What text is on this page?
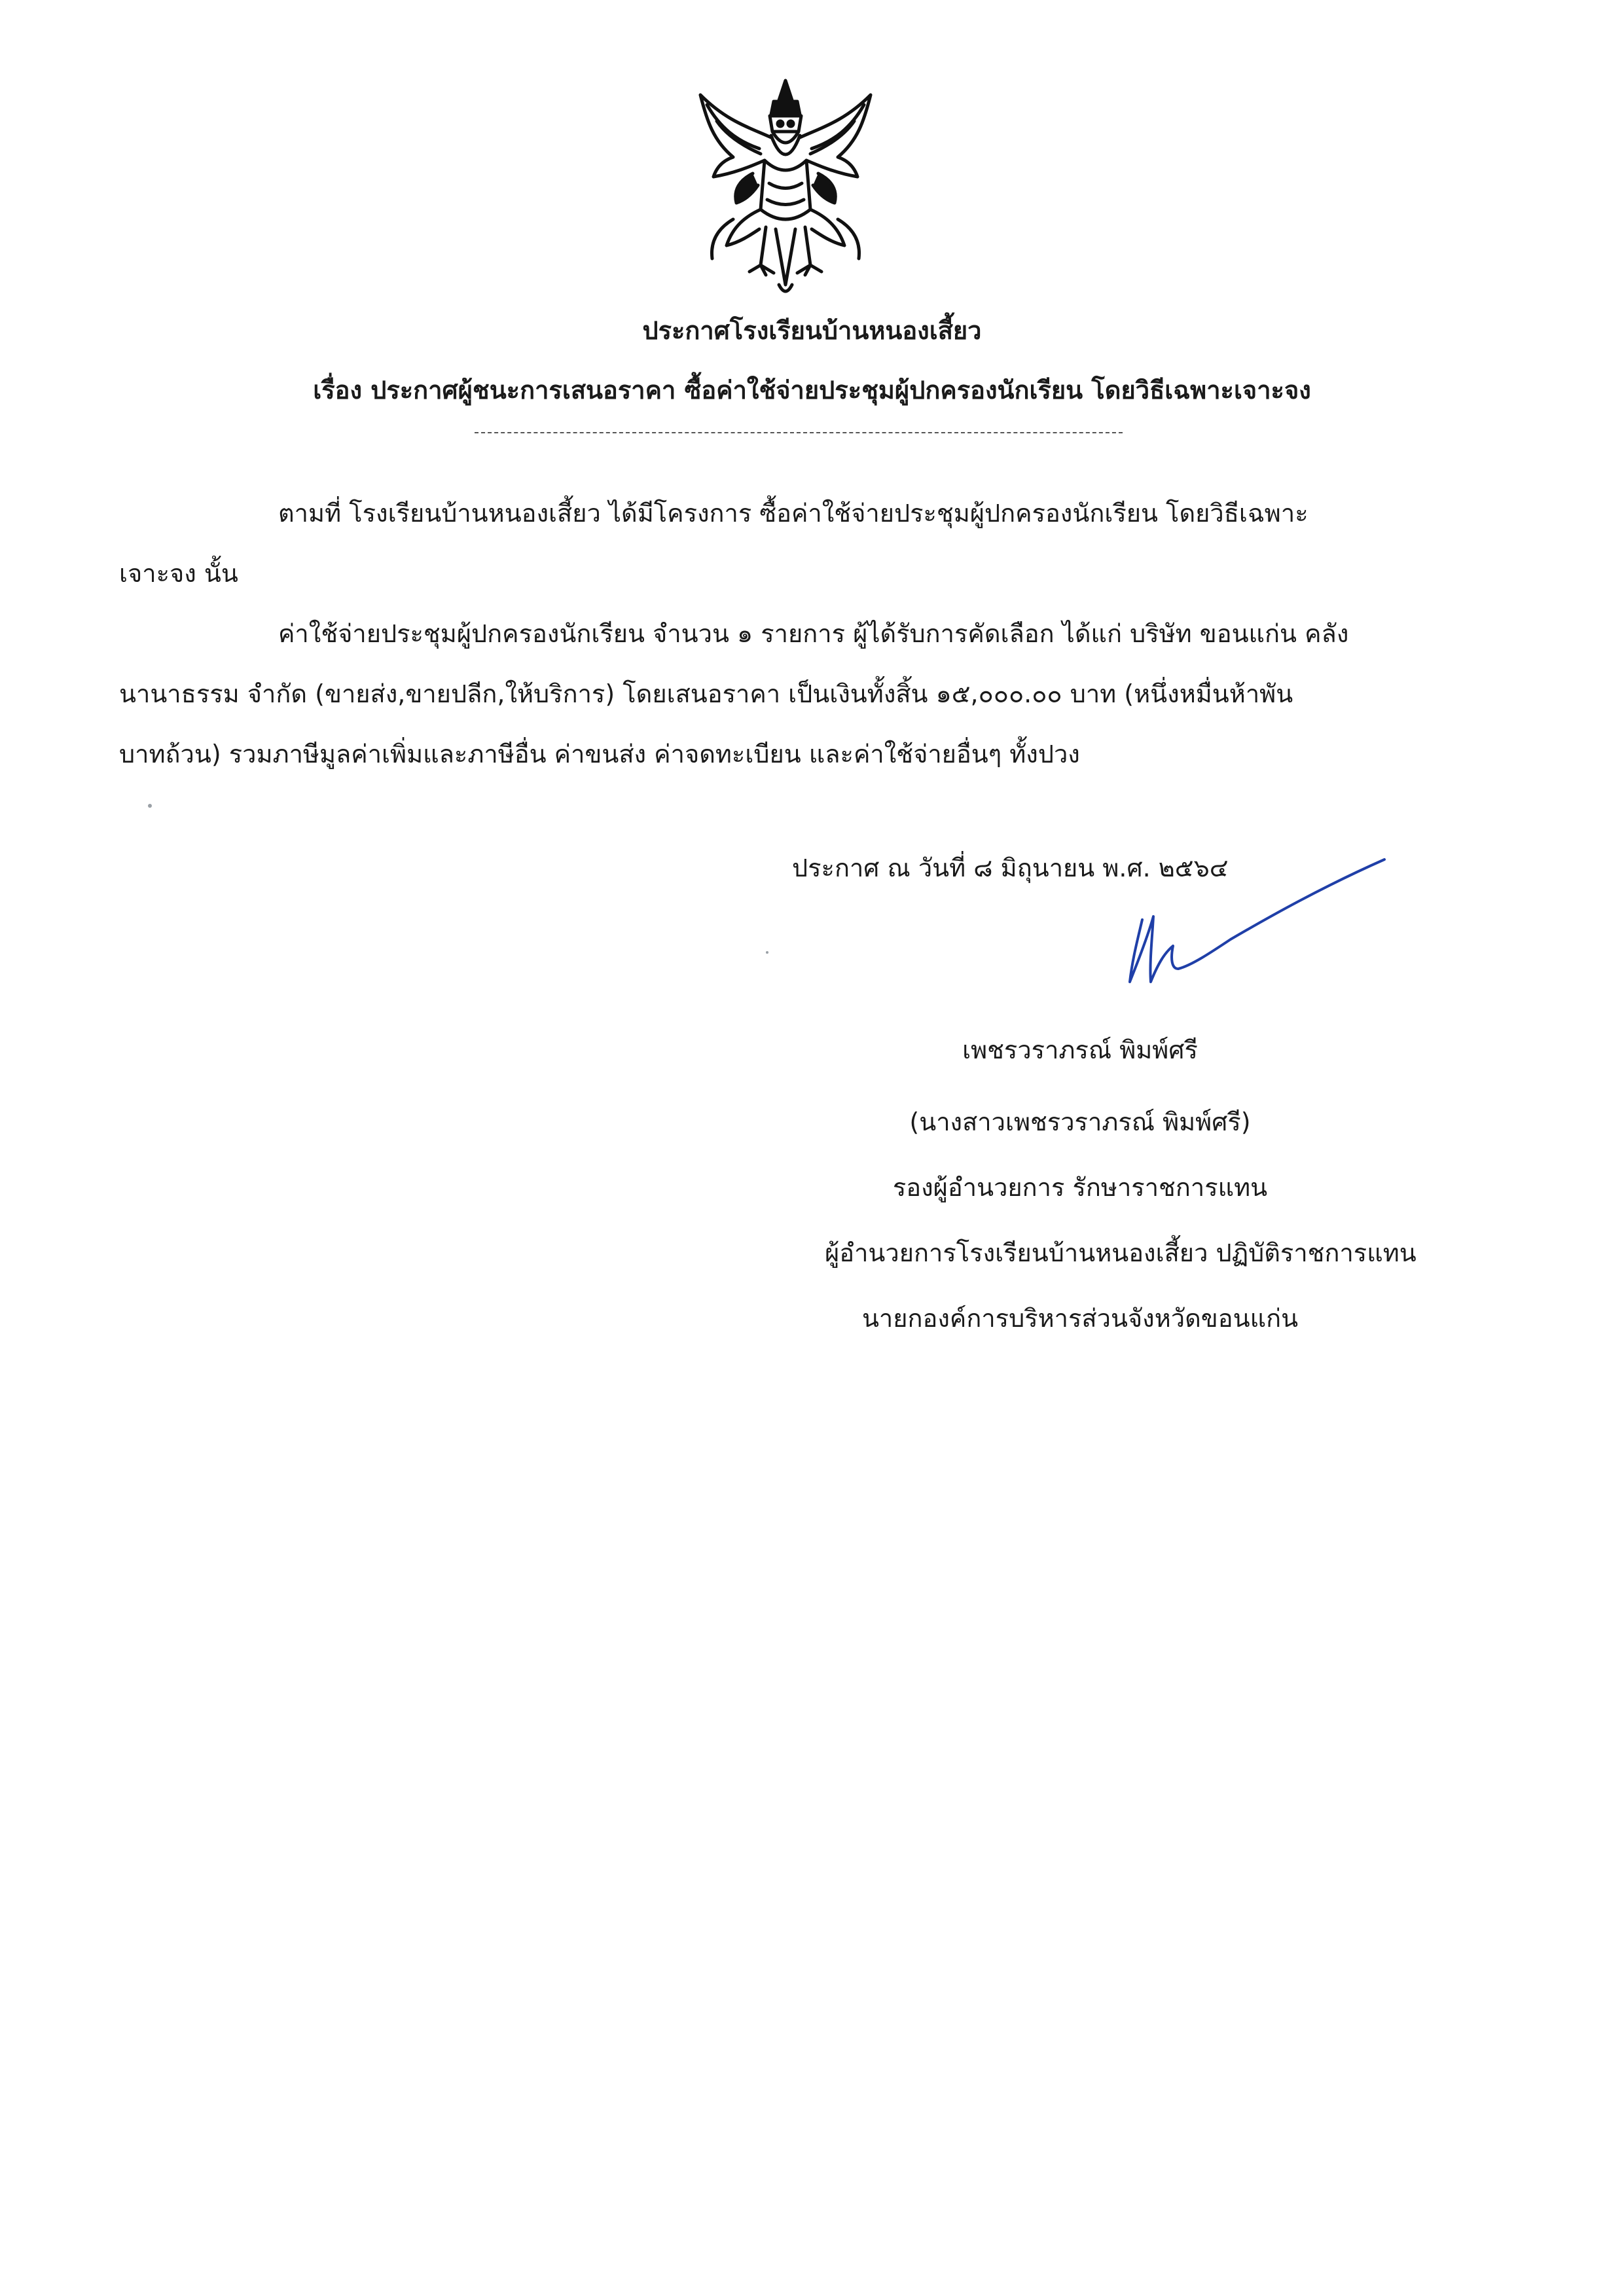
ประกาศโรงเรียนบ้านหนองเสี้ยว
เรื่อง ประกาศผู้ชนะการเสนอราคา ซื้อค่าใช้จ่ายประชุมผู้ปกครองนักเรียน โดยวิธีเฉพาะเจาะจง
ตามที่ โรงเรียนบ้านหนองเสี้ยว ได้มีโครงการ ซื้อค่าใช้จ่ายประชุมผู้ปกครองนักเรียน โดยวิธีเฉพาะ
เจาะจง นั้น
ค่าใช้จ่ายประชุมผู้ปกครองนักเรียน จำนวน ๑ รายการ ผู้ได้รับการคัดเลือก ได้แก่ บริษัท ขอนแก่น คลัง
นานาธรรม จำกัด (ขายส่ง,ขายปลีก,ให้บริการ) โดยเสนอราคา เป็นเงินทั้งสิ้น ๑๕,๐๐๐.๐๐ บาท (หนึ่งหมื่นห้าพัน
บาทถ้วน) รวมภาษีมูลค่าเพิ่มและภาษีอื่น ค่าขนส่ง ค่าจดทะเบียน และค่าใช้จ่ายอื่นๆ ทั้งปวง
ประกาศ ณ วันที่ ๘ มิถุนายน พ.ศ. ๒๕๖๔
เพชรวราภรณ์ พิมพ์ศรี
(นางสาวเพชรวราภรณ์ พิมพ์ศรี)
รองผู้อำนวยการ รักษาราชการแทน
ผู้อำนวยการโรงเรียนบ้านหนองเสี้ยว ปฏิบัติราชการแทน
นายกองค์การบริหารส่วนจังหวัดขอนแก่น
